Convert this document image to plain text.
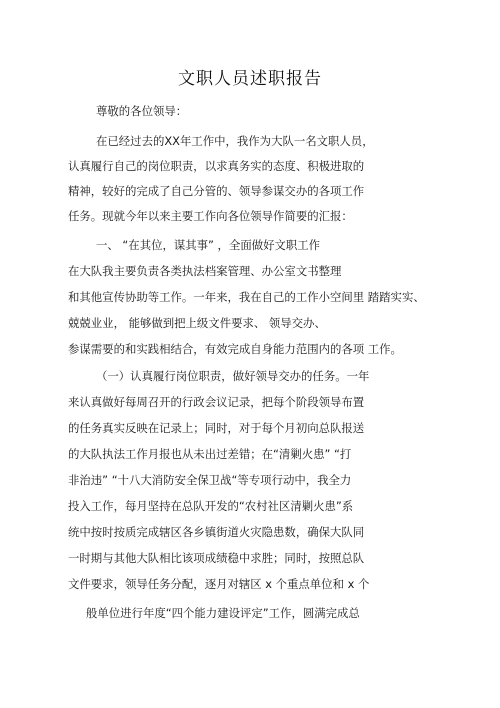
文职人员述职报告
尊敬的各位领导：
在已经过去的XX年工作中，我作为大队一名文职人员，
认真履行自己的岗位职责，以求真务实的态度、积极进取的
精神，较好的完成了自己分管的、领导参谋交办的各项工作
任务。现就今年以来主要工作向各位领导作简要的汇报：
一、 “在其位，谋其事” ，全面做好文职工作
在大队我主要负责各类执法档案管理、办公室文书整理
和其他宣传协助等工作。一年来，我在自己的工作小空间里 踏踏实实、
兢兢业业， 能够做到把上级文件要求、 领导交办、
参谋需要的和实践相结合，有效完成自身能力范围内的各项 工作。
（一）认真履行岗位职责，做好领导交办的任务。一年
来认真做好每周召开的行政会议记录，把每个阶段领导布置
的任务真实反映在记录上；同时，对于每个月初向总队报送
的大队执法工作月报也从未出过差错；在“清剿火患” “打
非治违” “十八大消防安全保卫战“等专项行动中，我全力
投入工作，每月坚持在总队开发的“农村社区清剿火患”系
统中按时按质完成辖区各乡镇街道火灾隐患数，确保大队同
一时期与其他大队相比该项成绩稳中求胜；同时，按照总队
文件要求，领导任务分配，逐月对辖区 x 个重点单位和 x 个
般单位进行年度“四个能力建设评定”工作，圆满完成总
